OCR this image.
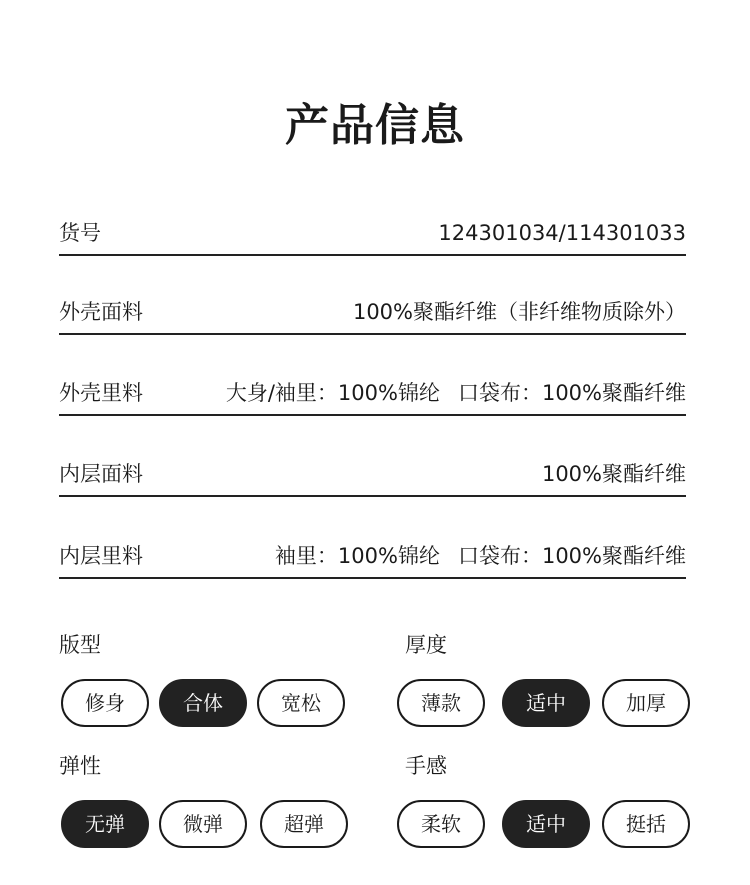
产品信息
货号	124301034/114301033
外壳面料	100%聚酯纤维（非纤维物质除外）
外壳里料	大身/袖里：100%锦纶 口袋布：100%聚酯纤维
内层面料	100%聚酯纤维
内层里料	袖里：100%锦纶 口袋布：100%聚酯纤维
版型
修身	合体	宽松
厚度
薄款	适中	加厚
弹性
无弹	微弹	超弹
手感
柔软	适中	挺括
